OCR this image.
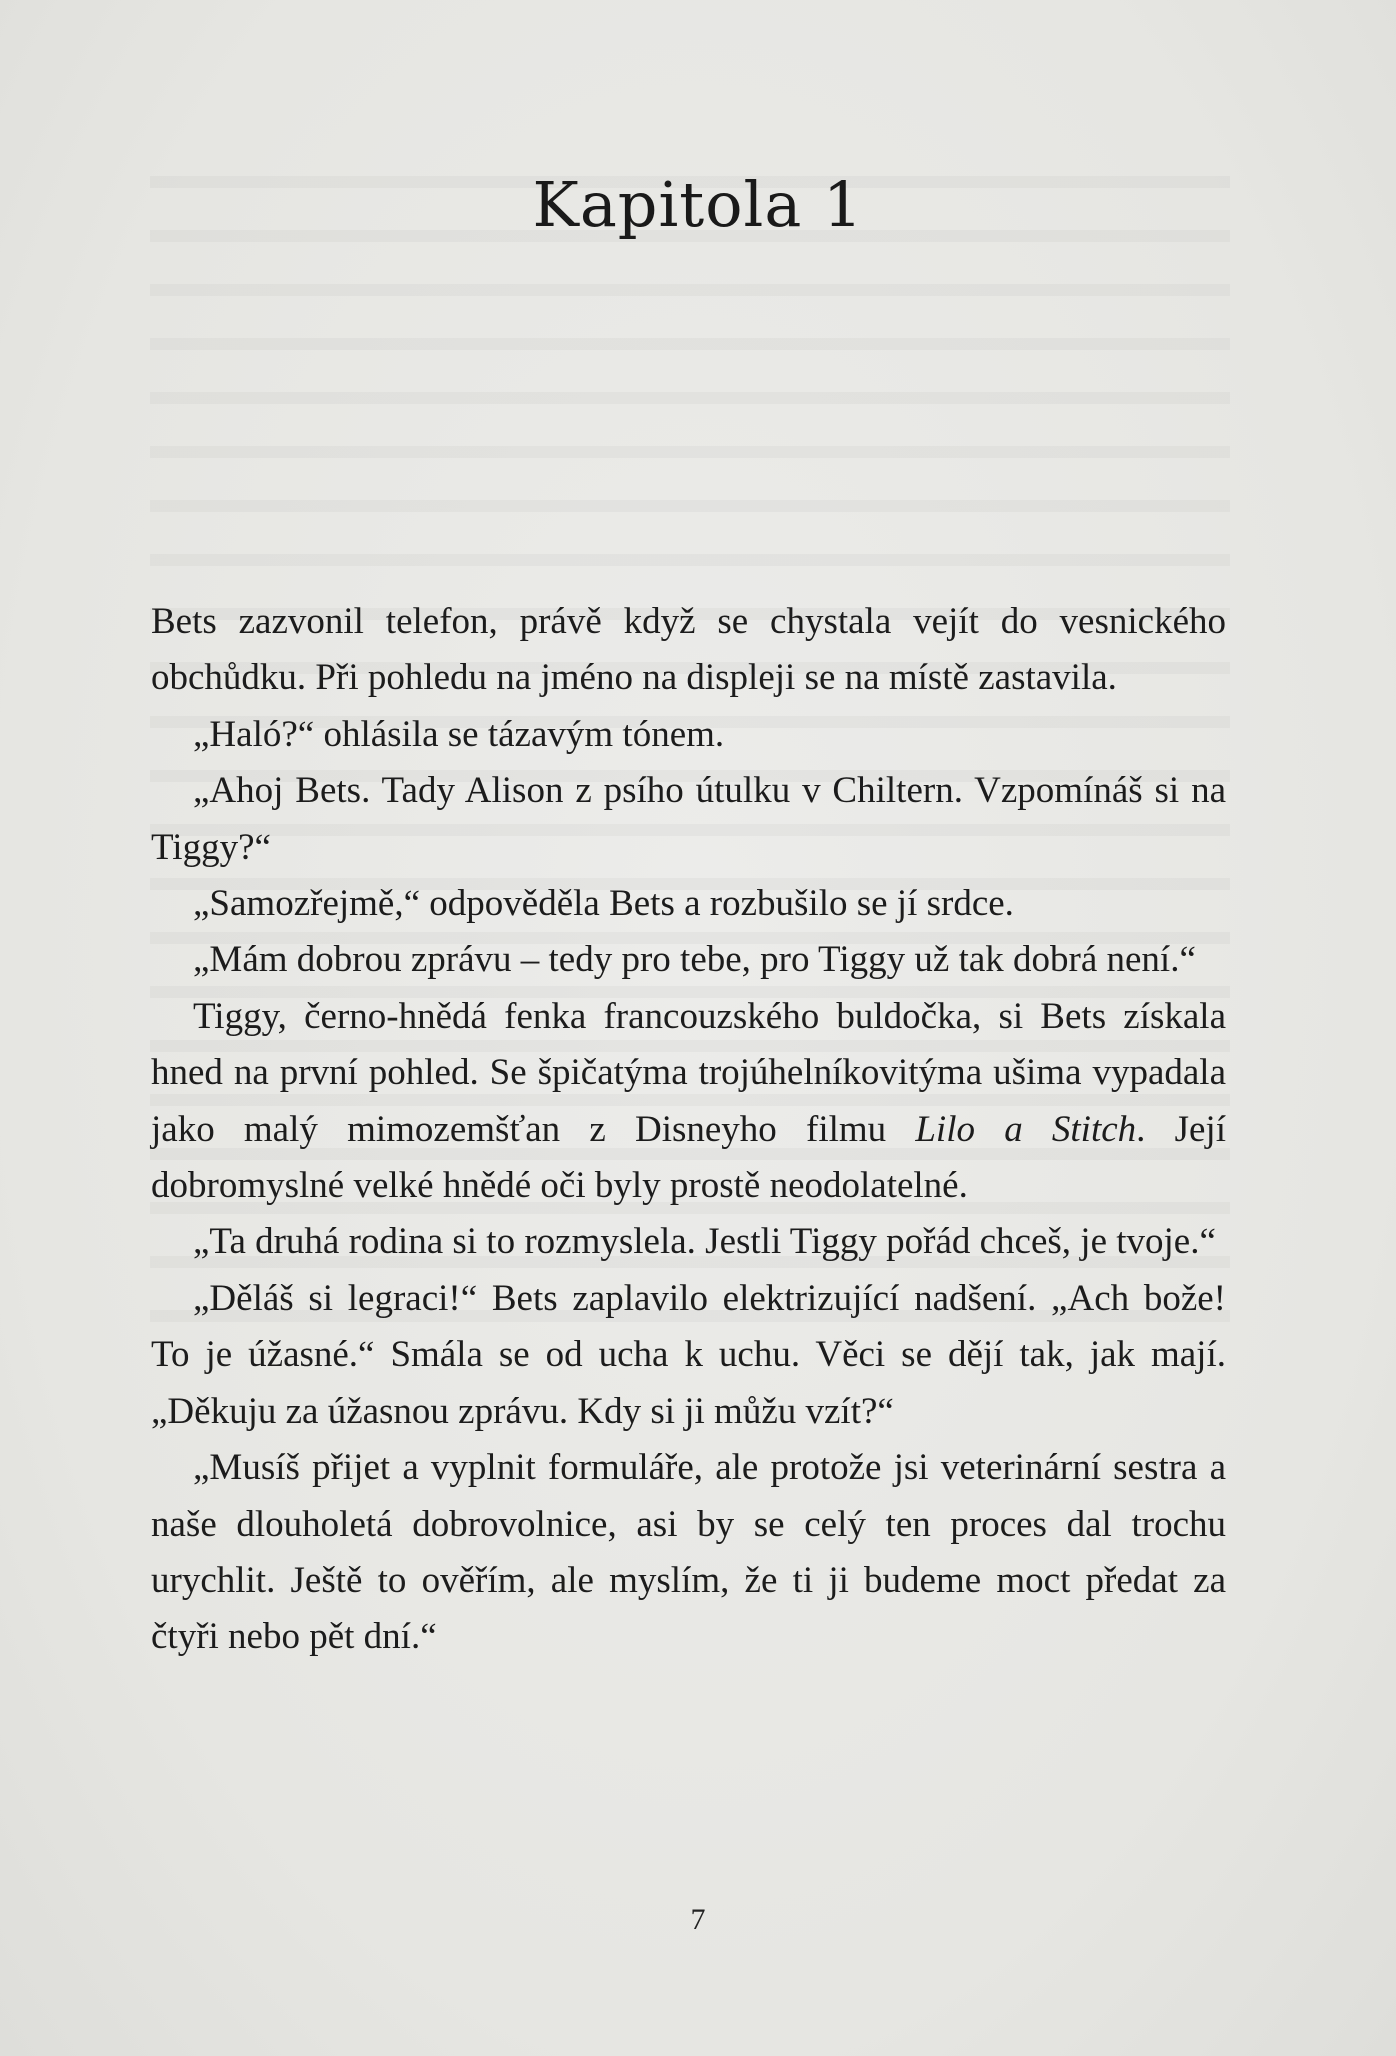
Kapitola 1

Bets zazvonil telefon, právě když se chystala vejít do vesnického obchůdku. Při pohledu na jméno na displeji se na místě zastavila.

„Haló?“ ohlásila se tázavým tónem.

„Ahoj Bets. Tady Alison z psího útulku v Chiltern. Vzpomínáš si na Tiggy?“

„Samozřejmě,“ odpověděla Bets a rozbušilo se jí srdce.

„Mám dobrou zprávu – tedy pro tebe, pro Tiggy už tak dobrá není.“

Tiggy, černo-hnědá fenka francouzského buldočka, si Bets získala hned na první pohled. Se špičatýma trojúhelníkovitýma ušima vypadala jako malý mimozemšťan z Disneyho filmu Lilo a Stitch. Její dobromyslné velké hnědé oči byly prostě neodolatelné.

„Ta druhá rodina si to rozmyslela. Jestli Tiggy pořád chceš, je tvoje.“

„Děláš si legraci!“ Bets zaplavilo elektrizující nadšení. „Ach bože! To je úžasné.“ Smála se od ucha k uchu. Věci se dějí tak, jak mají. „Děkuju za úžasnou zprávu. Kdy si ji můžu vzít?“

„Musíš přijet a vyplnit formuláře, ale protože jsi veterinární sestra a naše dlouholetá dobrovolnice, asi by se celý ten proces dal trochu urychlit. Ještě to ověřím, ale myslím, že ti ji budeme moct předat za čtyři nebo pět dní.“

7
